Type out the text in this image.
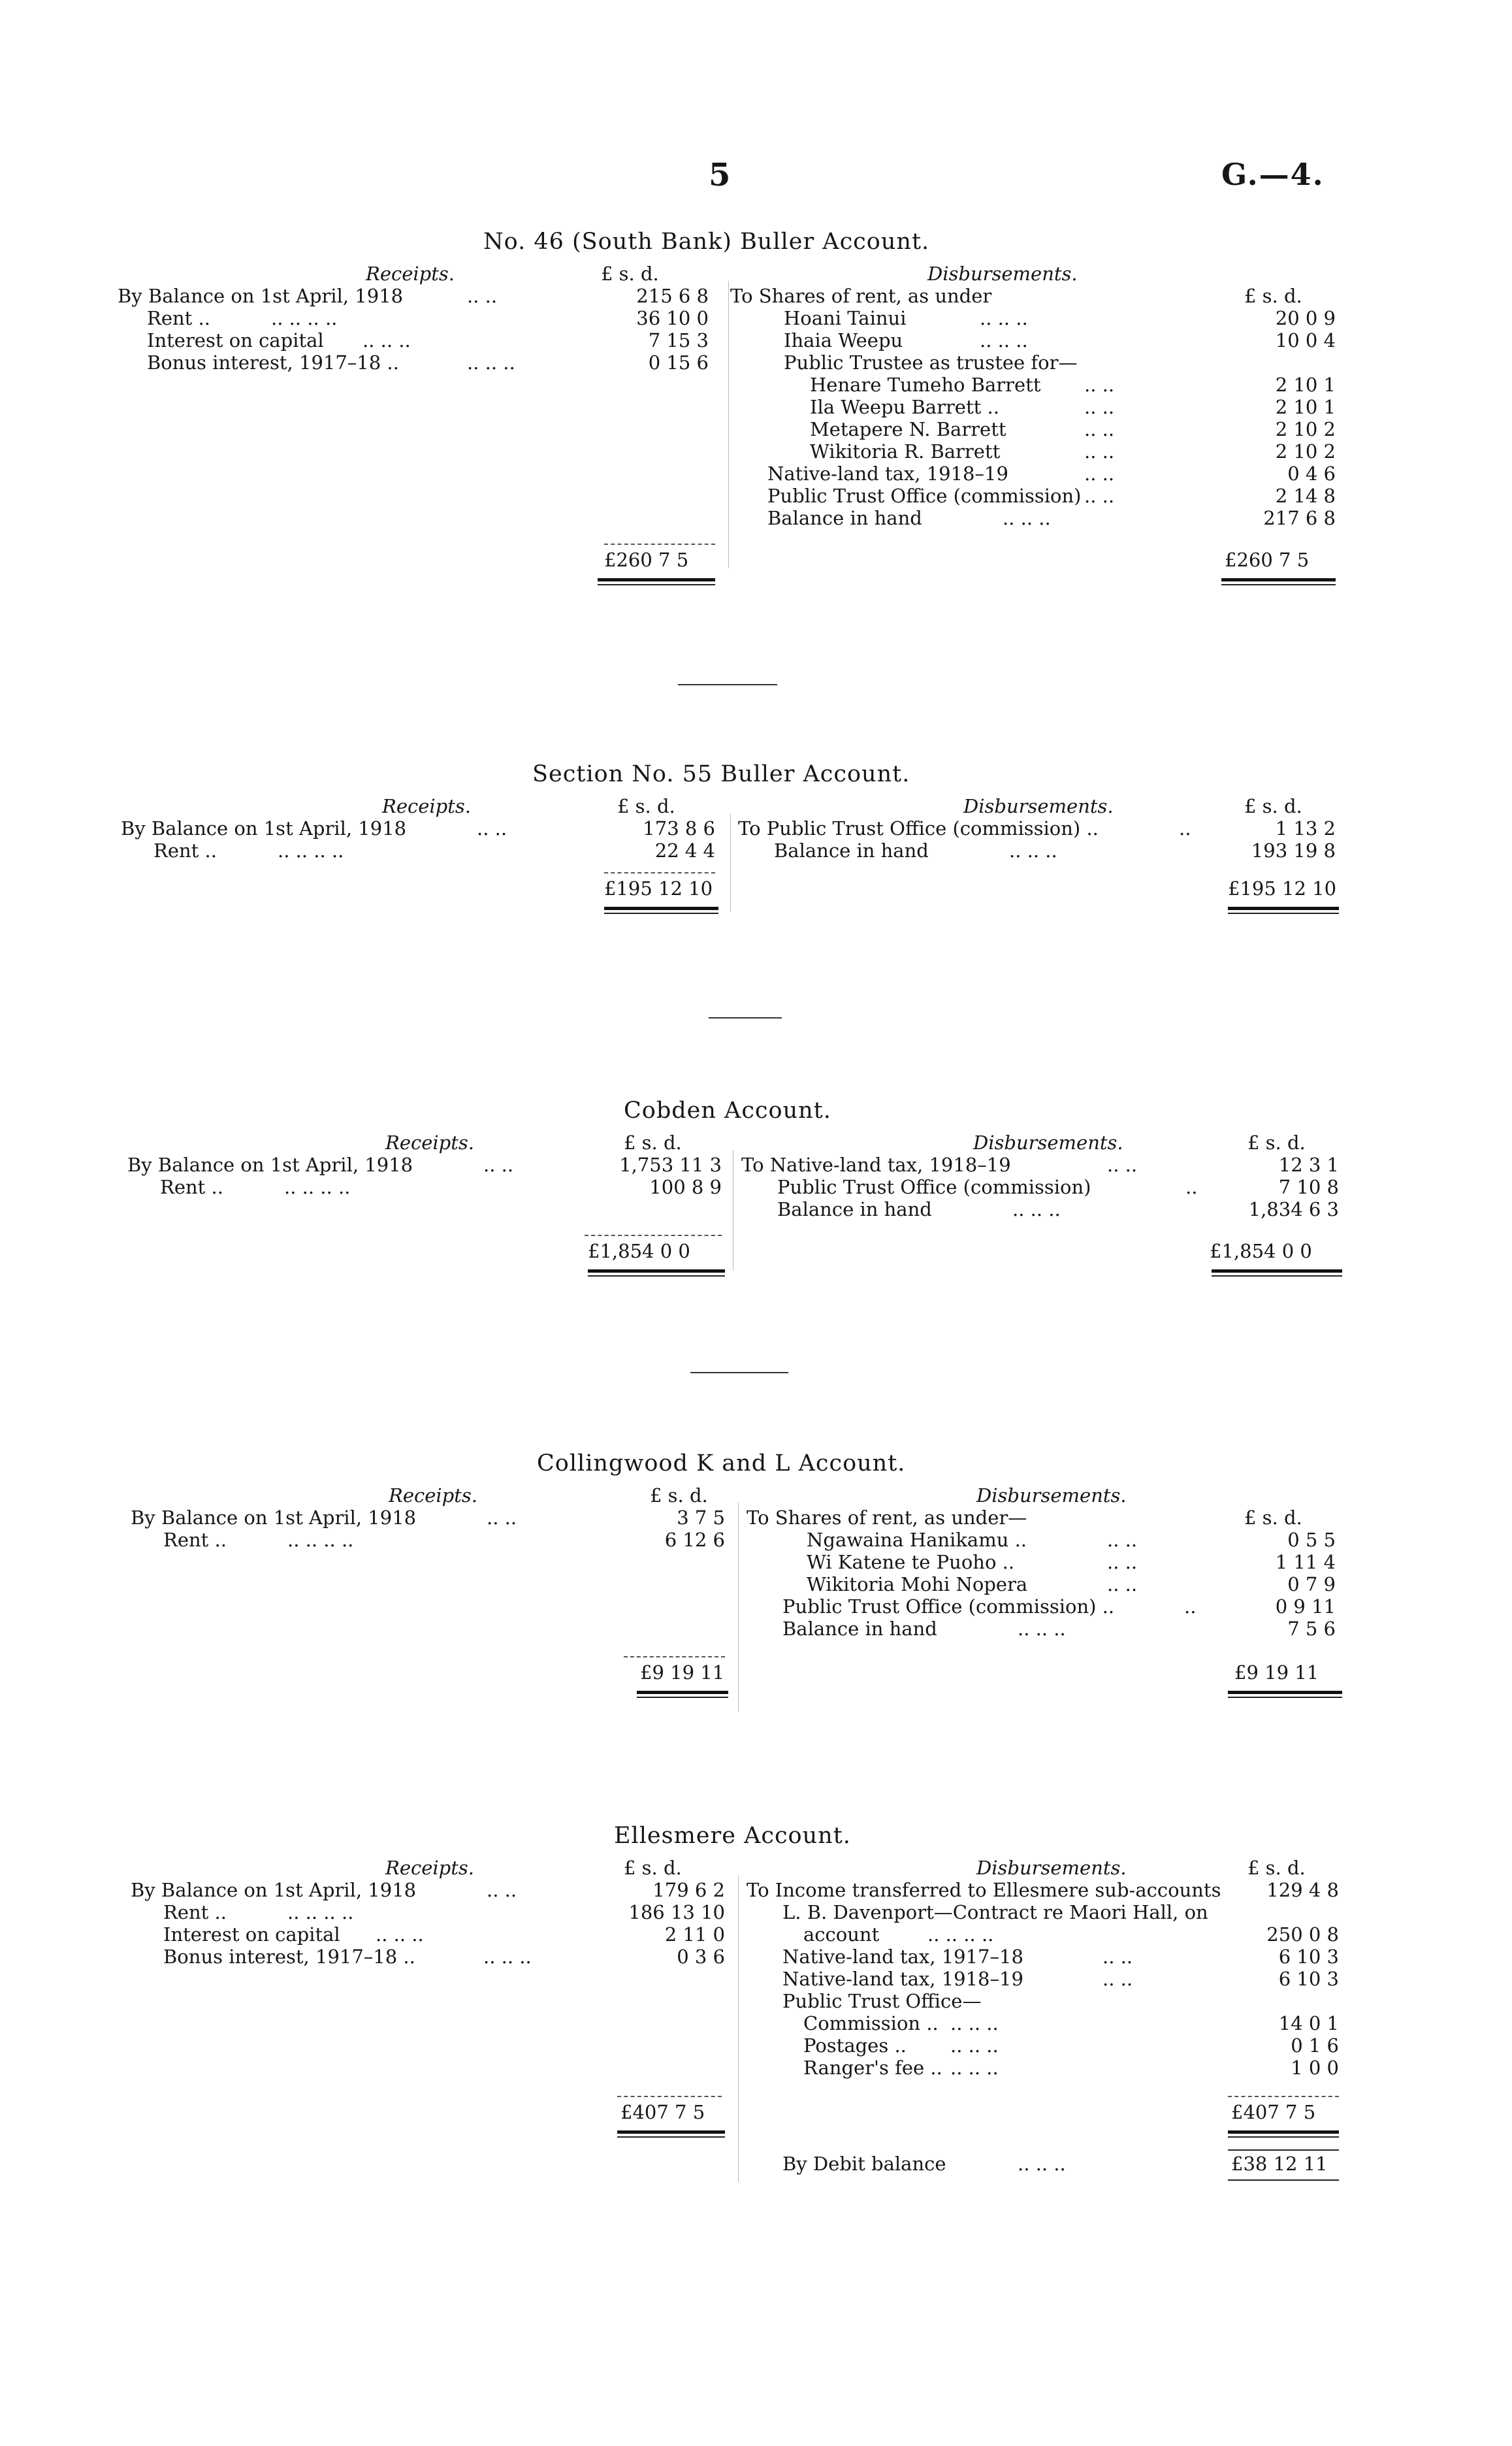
5	G.—4.
No. 46 (South Bank) Buller Account.
Receipts.	£ s. d.	Disbursements.
£ s. d.
By Balance on 1st April, 1918	.. ..	215 6 8
Rent ..	.. .. .. ..	36 10 0
Interest on capital .. .. ..	7 15 3
Bonus interest, 1917–18 ..	.. .. ..	0 15 6
To Shares of rent, as under
Hoani Tainui	.. .. ..	20 0 9
Ihaia Weepu	.. .. ..	10 0 4
Public Trustee as trustee for—
Henare Tumeho Barrett .. ..	2 10 1
Ila Weepu Barrett ..	.. ..	2 10 1
Metapere N. Barrett	.. ..	2 10 2
Wikitoria R. Barrett	.. ..	2 10 2
Native-land tax, 1918–19	.. ..	0 4 6
Public Trust Office (commission) .. ..	2 14 8
Balance in hand	.. .. ..	217 6 8
£260 7 5	£260 7 5
Section No. 55 Buller Account.
Receipts.	£ s. d.	Disbursements.	£ s. d.
By Balance on 1st April, 1918	.. ..	173 8 6
Rent ..	.. .. .. ..	22 4 4
To Public Trust Office (commission) ..	..	1 13 2
Balance in hand	.. .. ..	193 19 8
£195 12 10	£195 12 10
Cobden Account.
Receipts.	£ s. d.	Disbursements.	£ s. d.
By Balance on 1st April, 1918	.. ..	1,753 11 3
Rent ..	.. .. .. ..	100 8 9
To Native-land tax, 1918–19	.. ..	12 3 1
Public Trust Office (commission)	..	7 10 8
Balance in hand	.. .. ..	1,834 6 3
£1,854 0 0	£1,854 0 0
Collingwood K and L Account.
Receipts.	£ s. d.	Disbursements.
£ s. d.
By Balance on 1st April, 1918	.. ..	3 7 5
Rent ..	.. .. .. ..	6 12 6
To Shares of rent, as under—
Ngawaina Hanikamu ..	.. ..	0 5 5
Wi Katene te Puoho ..	.. ..	1 11 4
Wikitoria Mohi Nopera	.. ..	0 7 9
Public Trust Office (commission) ..	..	0 9 11
Balance in hand	.. .. ..	7 5 6
£9 19 11	£9 19 11
Ellesmere Account.
Receipts.	£ s. d.	Disbursements.	£ s. d.
By Balance on 1st April, 1918	.. ..	179 6 2
Rent ..	.. .. .. ..	186 13 10
Interest on capital .. .. ..	2 11 0
Bonus interest, 1917–18 ..	.. .. ..	0 3 6
To Income transferred to Ellesmere sub-accounts	129 4 8
L. B. Davenport—Contract re Maori Hall, on
account	.. .. .. ..	250 0 8
Native-land tax, 1917–18	.. ..	6 10 3
Native-land tax, 1918–19	.. ..	6 10 3
Public Trust Office—
Commission .. .. .. ..	14 0 1
Postages .. .. .. ..	0 1 6
Ranger's fee .. .. .. ..	1 0 0
£407 7 5	£407 7 5
By Debit balance	.. .. ..	£38 12 11
